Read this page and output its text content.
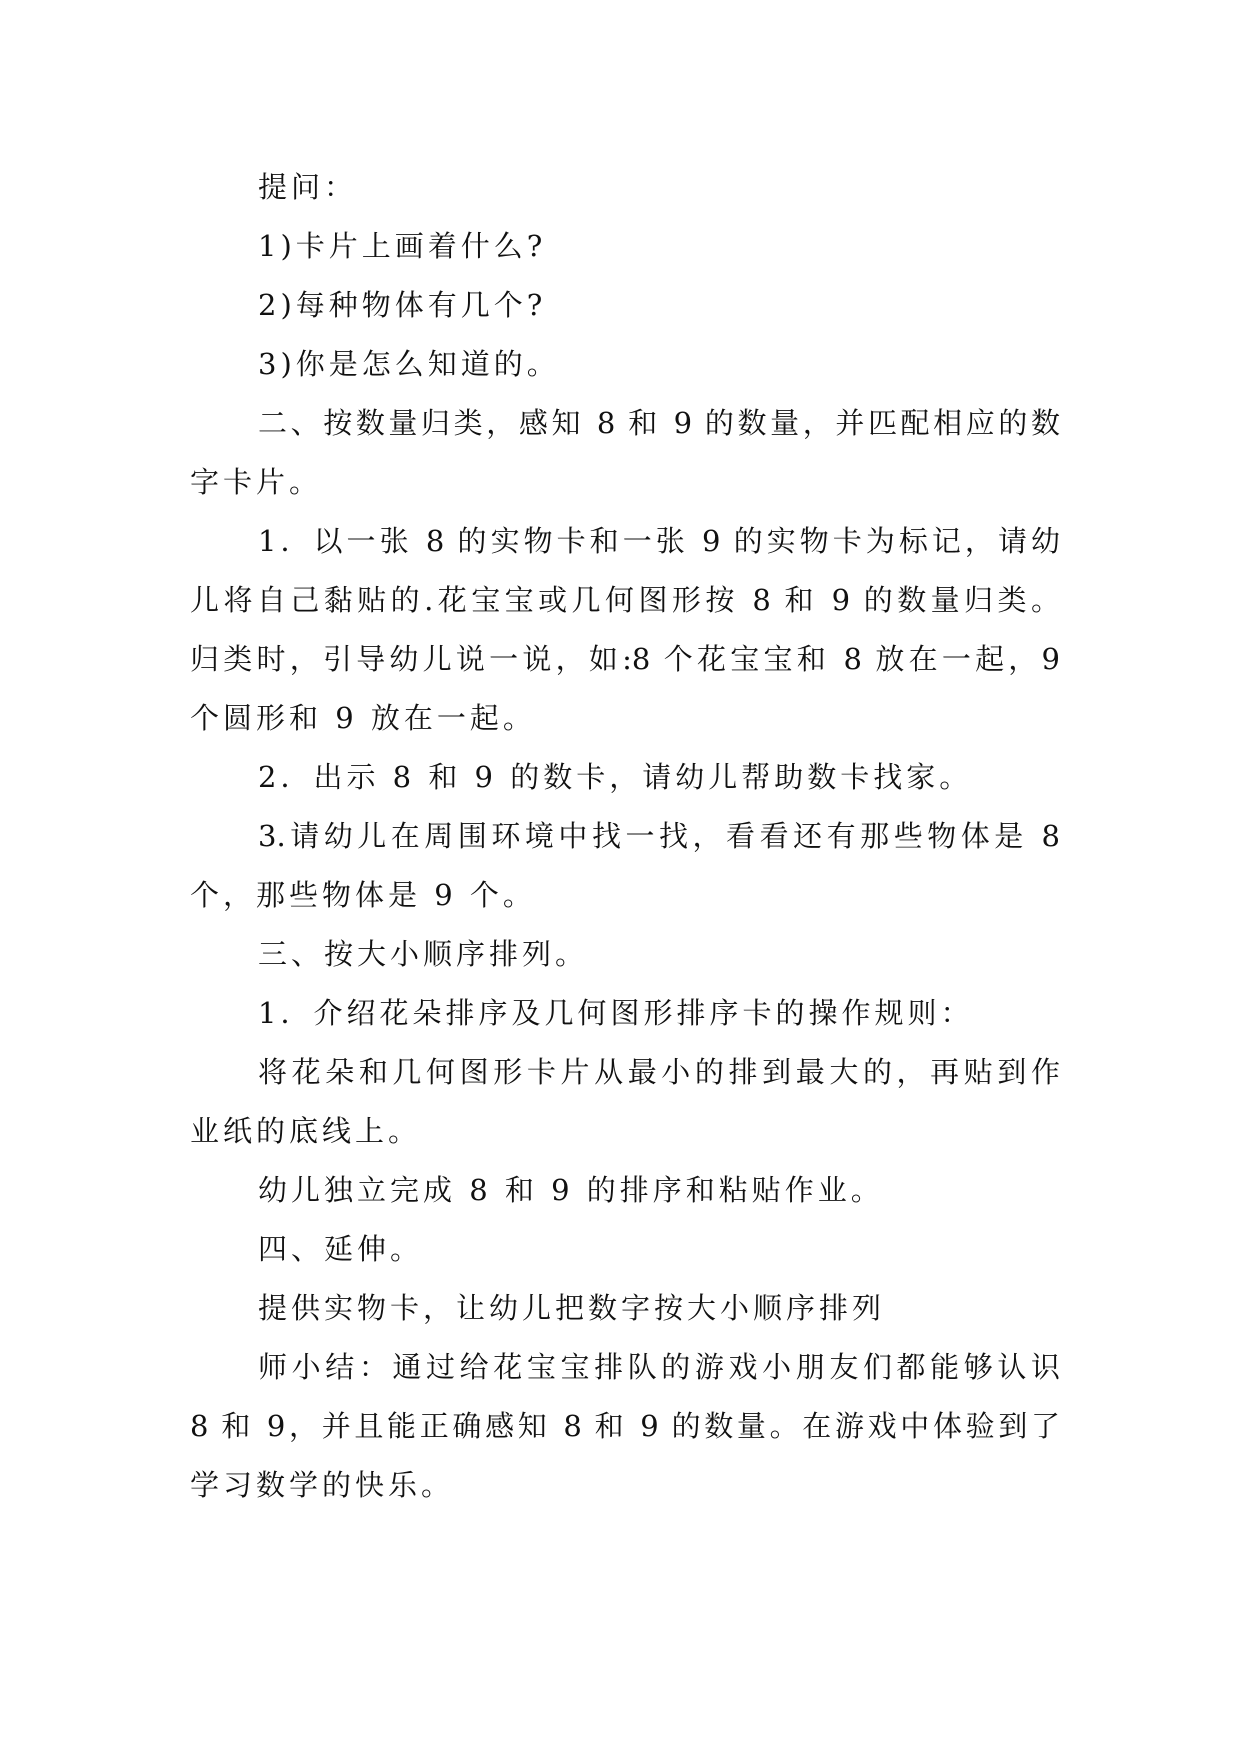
提问：
1)卡片上画着什么?
2)每种物体有几个?
3)你是怎么知道的。
二、按数量归类，感知 8 和 9 的数量，并匹配相应的数
字卡片。
1．以一张 8 的实物卡和一张 9 的实物卡为标记，请幼
儿将自己黏贴的.花宝宝或几何图形按 8 和 9 的数量归类。
归类时，引导幼儿说一说，如:8 个花宝宝和 8 放在一起，9
个圆形和 9 放在一起。
2．出示 8 和 9 的数卡，请幼儿帮助数卡找家。
3.请幼儿在周围环境中找一找，看看还有那些物体是 8
个，那些物体是 9 个。
三、按大小顺序排列。
1．介绍花朵排序及几何图形排序卡的操作规则：
将花朵和几何图形卡片从最小的排到最大的，再贴到作
业纸的底线上。
幼儿独立完成 8 和 9 的排序和粘贴作业。
四、延伸。
提供实物卡，让幼儿把数字按大小顺序排列
师小结：通过给花宝宝排队的游戏小朋友们都能够认识
8 和 9，并且能正确感知 8 和 9 的数量。在游戏中体验到了
学习数学的快乐。
